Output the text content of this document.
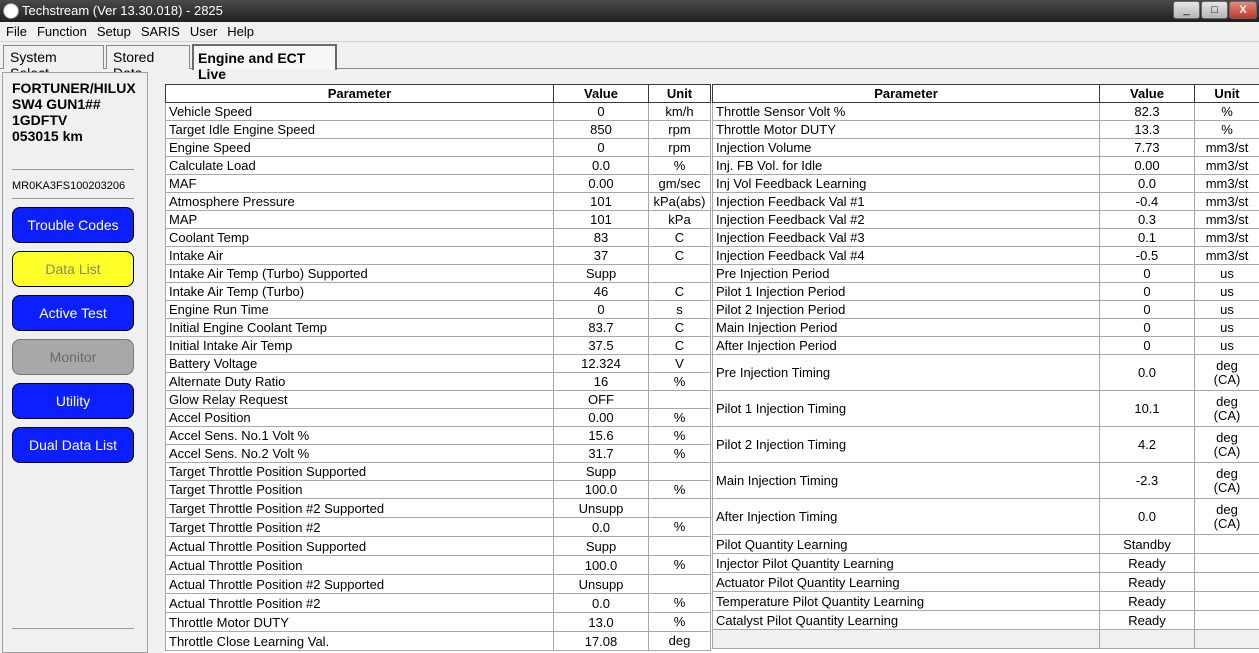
Techstream (Ver 13.30.018) - 2825	_	□	X
File Function Setup SARIS User Help
System	Stored	Engine and ECT Live
FORTUNER/HILUX
SW4 GUN1##
1GDFTV
053015 km
MR0KA3FS100203206
Trouble Codes
Data List
Active Test
Monitor
Utility
Dual Data List
Parameter	Value	Unit
Vehicle Speed	0	km/h
Target Idle Engine Speed	850	rpm
Engine Speed	0	rpm
Calculate Load	0.0	%
MAF	0.00	gm/sec
Atmosphere Pressure	101	kPa(abs)
MAP	101	kPa
Coolant Temp	83	C
Intake Air	37	C
Intake Air Temp (Turbo) Supported	Supp	
Intake Air Temp (Turbo)	46	C
Engine Run Time	0	s
Initial Engine Coolant Temp	83.7	C
Initial Intake Air Temp	37.5	C
Battery Voltage	12.324	V
Alternate Duty Ratio	16	%
Glow Relay Request	OFF	
Accel Position	0.00	%
Accel Sens. No.1 Volt %	15.6	%
Accel Sens. No.2 Volt %	31.7	%
Target Throttle Position Supported	Supp	
Target Throttle Position	100.0	%
Target Throttle Position #2 Supported	Unsupp	
Target Throttle Position #2	0.0	%
Actual Throttle Position Supported	Supp	
Actual Throttle Position	100.0	%
Actual Throttle Position #2 Supported	Unsupp	
Actual Throttle Position #2	0.0	%
Throttle Motor DUTY	13.0	%
Throttle Close Learning Val.	17.08	deg
Parameter	Value	Unit
Throttle Sensor Volt %	82.3	%
Throttle Motor DUTY	13.3	%
Injection Volume	7.73	mm3/st
Inj. FB Vol. for Idle	0.00	mm3/st
Inj Vol Feedback Learning	0.0	mm3/st
Injection Feedback Val #1	-0.4	mm3/st
Injection Feedback Val #2	0.3	mm3/st
Injection Feedback Val #3	0.1	mm3/st
Injection Feedback Val #4	-0.5	mm3/st
Pre Injection Period	0	us
Pilot 1 Injection Period	0	us
Pilot 2 Injection Period	0	us
Main Injection Period	0	us
After Injection Period	0	us
Pre Injection Timing	0.0	deg
(CA)
Pilot 1 Injection Timing	10.1	deg
(CA)
Pilot 2 Injection Timing	4.2	deg
(CA)
Main Injection Timing	-2.3	deg
(CA)
After Injection Timing	0.0	deg
(CA)
Pilot Quantity Learning	Standby	
Injector Pilot Quantity Learning	Ready	
Actuator Pilot Quantity Learning	Ready	
Temperature Pilot Quantity Learning	Ready	
Catalyst Pilot Quantity Learning	Ready	
